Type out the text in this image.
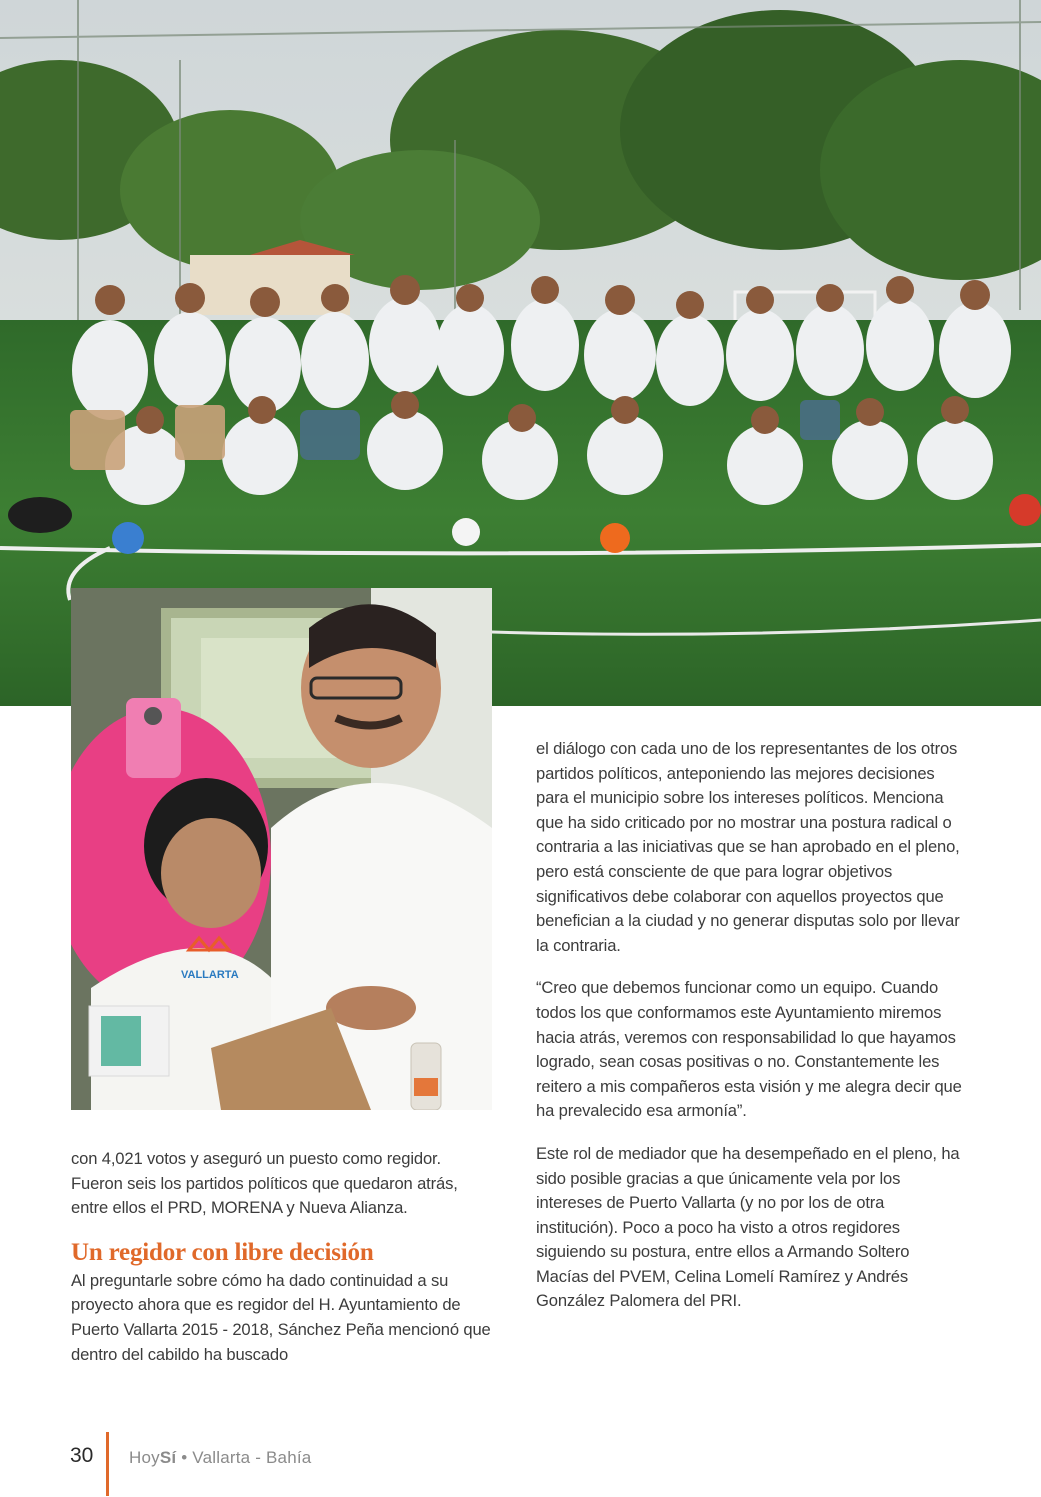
VALLARTA

con 4,021 votos y aseguró un puesto como regidor. Fueron seis los partidos políticos que quedaron atrás, entre ellos el PRD, MORENA y Nueva Alianza.

Un regidor con libre decisión

Al preguntarle sobre cómo ha dado continuidad a su proyecto ahora que es regidor del H. Ayuntamiento de Puerto Vallarta 2015 - 2018, Sánchez Peña mencionó que dentro del cabildo ha buscado

el diálogo con cada uno de los representantes de los otros partidos políticos, anteponiendo las mejores decisiones para el municipio sobre los intereses políticos. Menciona que ha sido criticado por no mostrar una postura radical o contraria a las iniciativas que se han aprobado en el pleno, pero está consciente de que para lograr objetivos significativos debe colaborar con aquellos proyectos que benefician a la ciudad y no generar disputas solo por llevar la contraria.

“Creo que debemos funcionar como un equipo. Cuando todos los que conformamos este Ayuntamiento miremos hacia atrás, veremos con responsabilidad lo que hayamos logrado, sean cosas positivas o no. Constantemente les reitero a mis compañeros esta visión y me alegra decir que ha prevalecido esa armonía”.

Este rol de mediador que ha desempeñado en el pleno, ha sido posible gracias a que únicamente vela por los intereses de Puerto Vallarta (y no por los de otra institución). Poco a poco ha visto a otros regidores siguiendo su postura, entre ellos a Armando Soltero Macías del PVEM, Celina Lomelí Ramírez y Andrés González Palomera del PRI.

30 HoySí • Vallarta - Bahía
